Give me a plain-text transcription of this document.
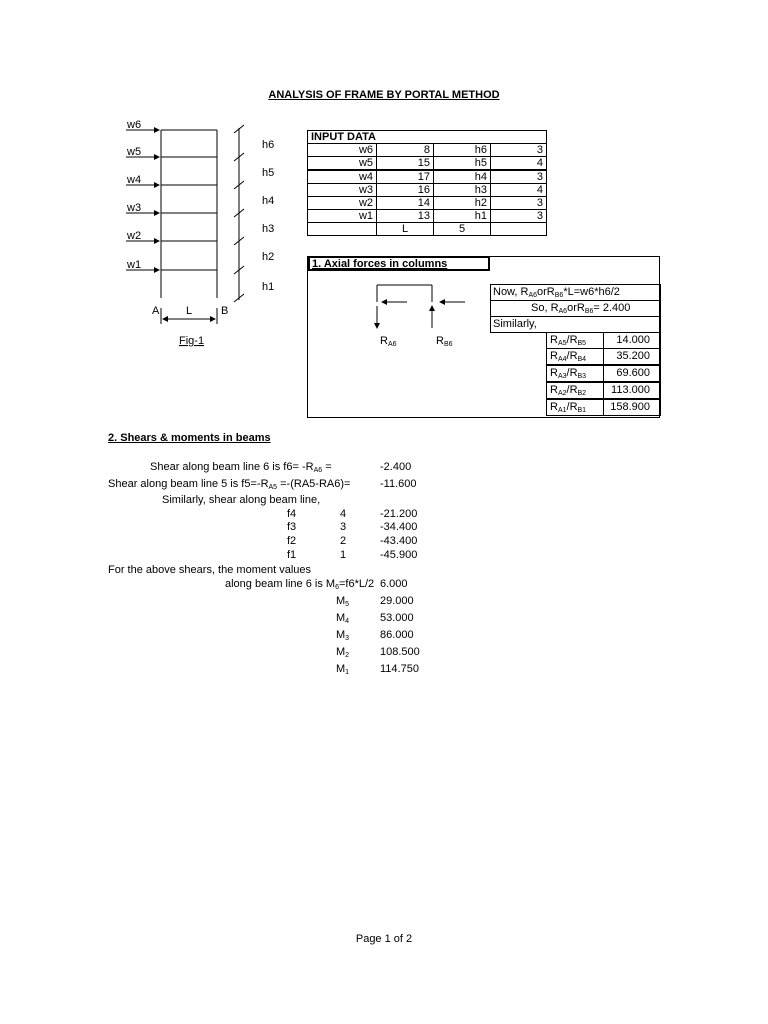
ANALYSIS OF FRAME BY PORTAL METHOD
w6
w5
w4
w3
w2
w1
h6
h5
h4
h3
h2
h1
A	B
L
Fig-1
INPUT DATA			
w6	8	h6	3
w5	15	h5	4
w4	17	h4	3
w3	16	h3	4
w2	14	h2	3
w1	13	h1	3
	L	5	
1. Axial forces in columns
$R_{A6}$	$R_{B6}$
Now, $R_{A6}orR_{B6}*L=w6*h6/2$
So, $R_{A6}orR_{B6}= 2.400$
Similarly,
$R_{A5}/R_{B5}$	14.000
$R_{A4}/R_{B4}$	35.200
$R_{A3}/R_{B3}$	69.600
$R_{A2}/R_{B2}$	113.000
$R_{A1}/R_{B1}$	158.900
2. Shears & moments in beams
Shear along beam line 6 is $f6= -R_{A6}$ =	-2.400
Shear along beam line 5 is $f5=-R_{A5} =-(RA5-RA6)=$	-11.600
Similarly, shear along beam line,
f4	4	-21.200
f3	3	-34.400
f2	2	-43.400
f1	1	-45.900
For the above shears, the moment values
along beam line 6 is $M_6=f6*L/2$ 6.000
$M_5$	29.000
$M_4$	53.000
$M_3$	86.000
$M_2$	108.500
$M_1$	114.750
Page 1 of 2
